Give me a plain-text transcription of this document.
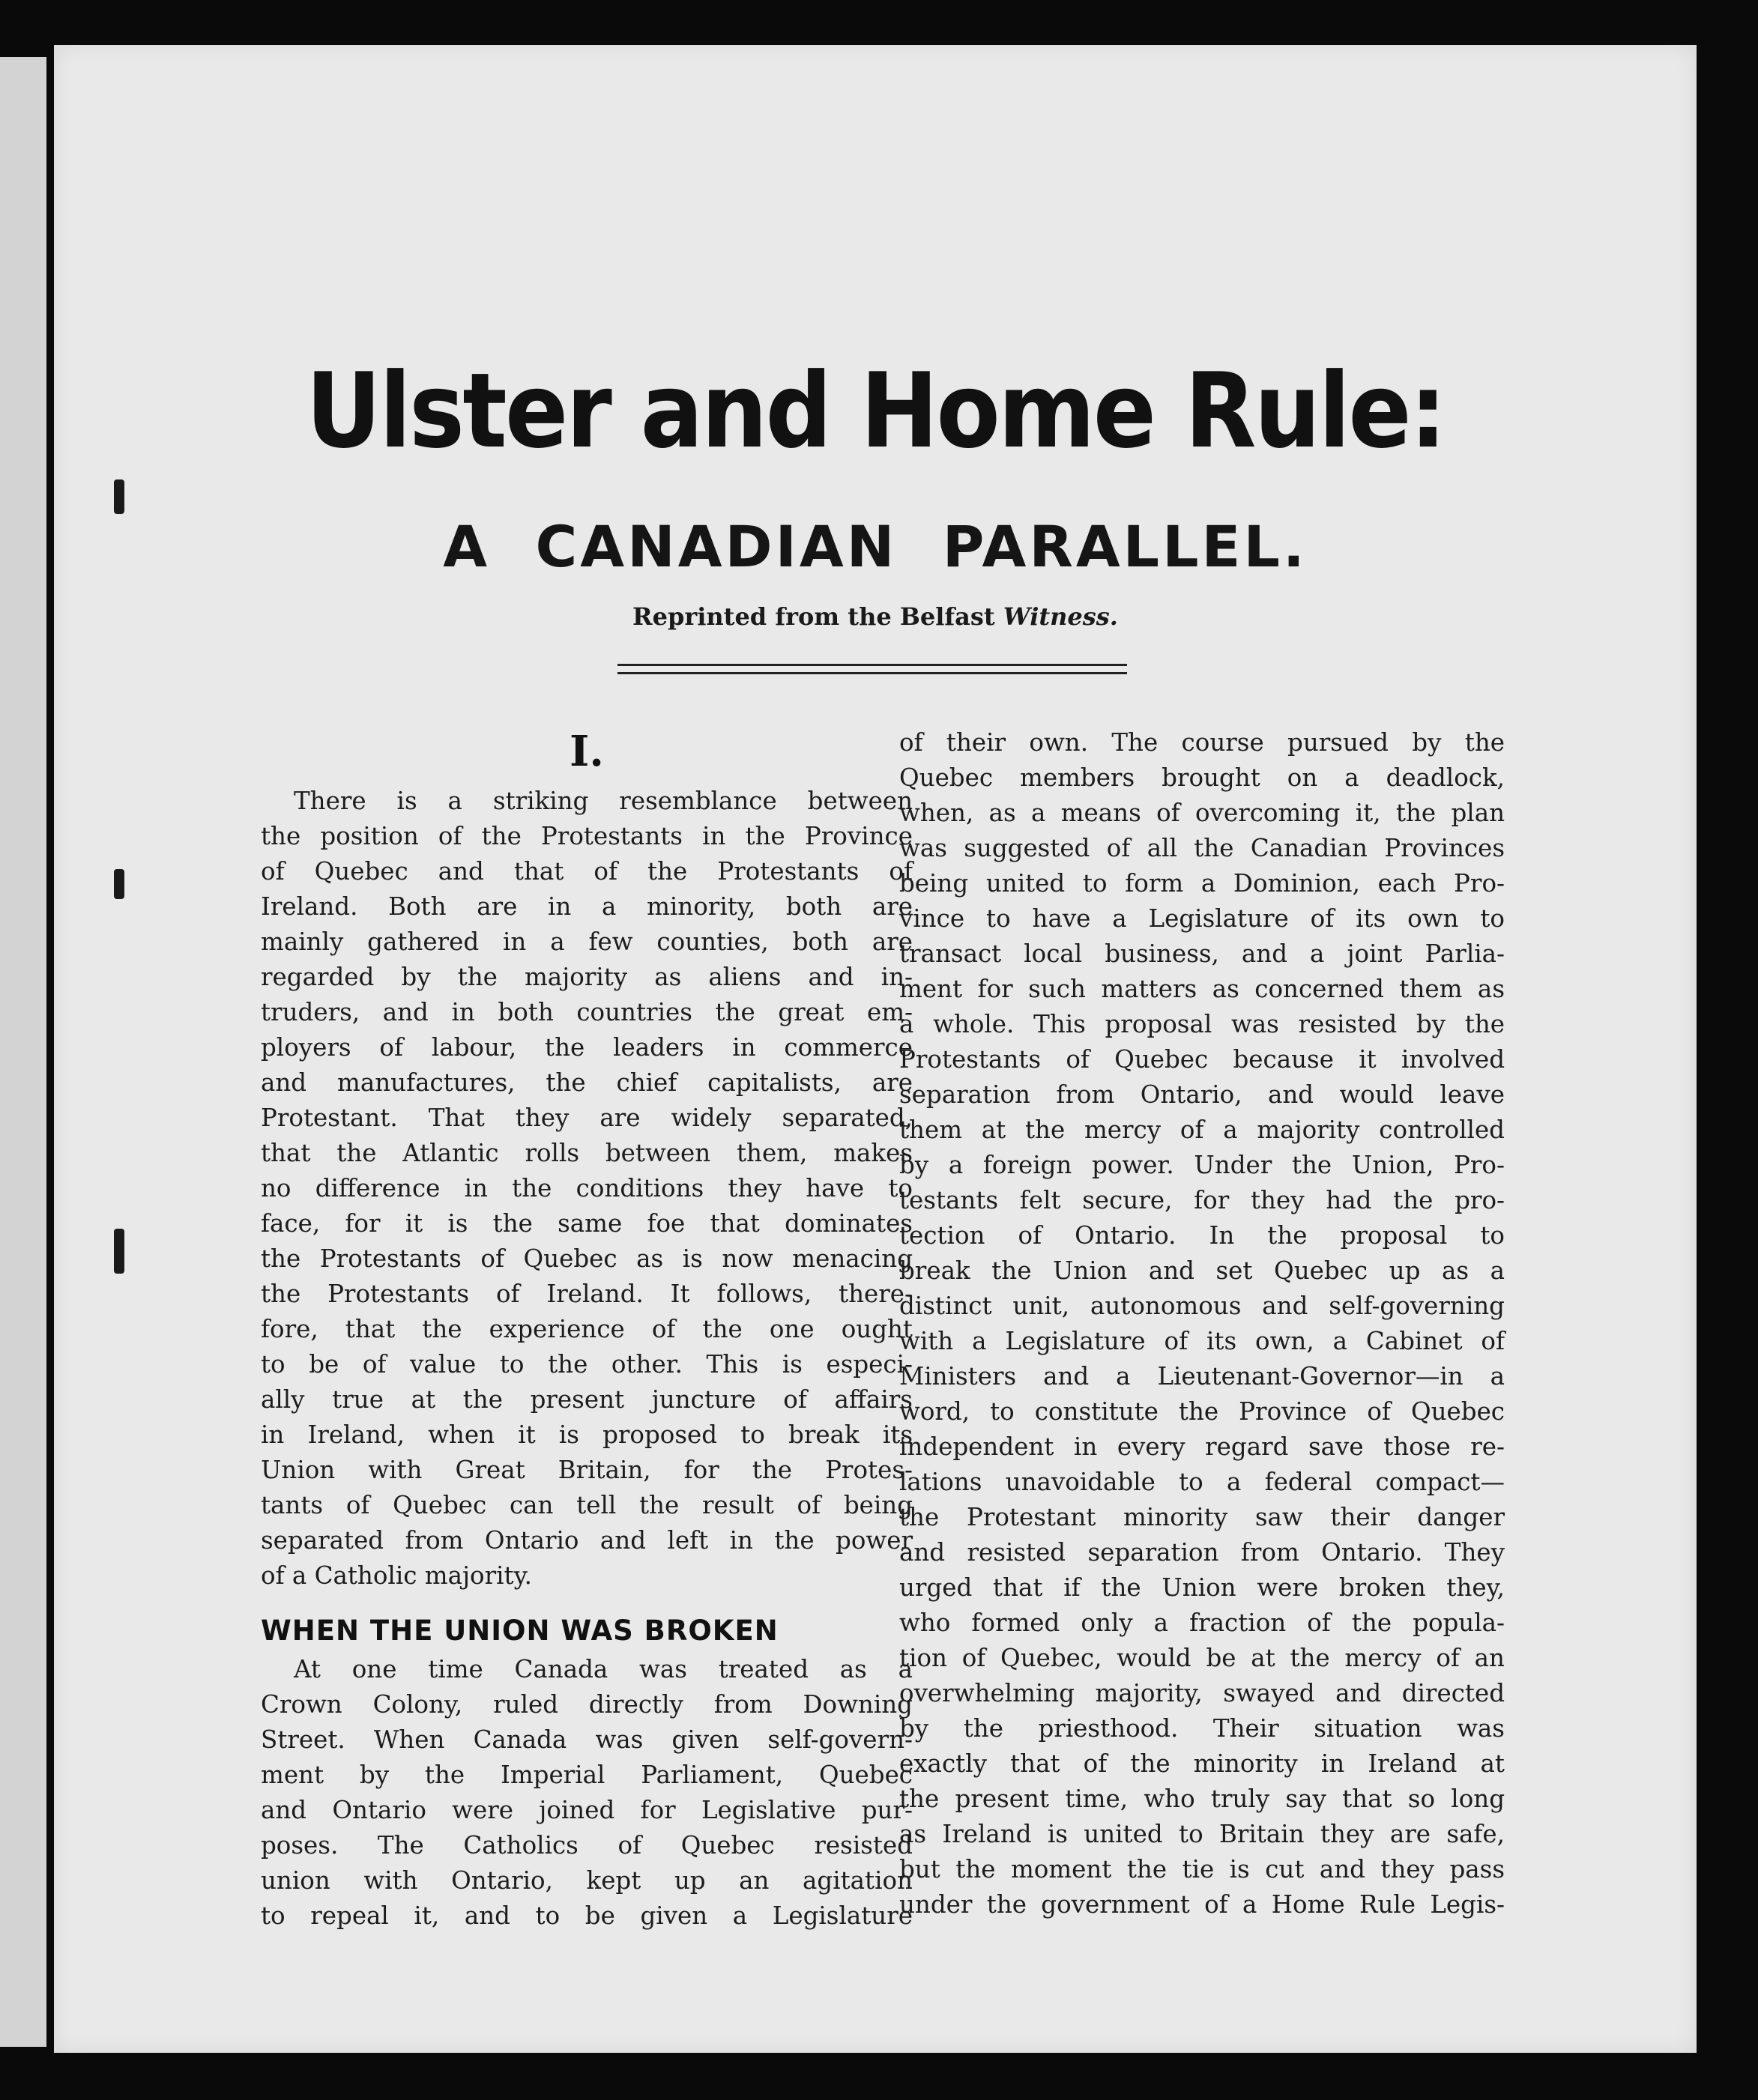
Ulster and Home Rule:
A CANADIAN PARALLEL.
Reprinted from the Belfast Witness.
I.
There is a striking resemblance between
the position of the Protestants in the Province
of Quebec and that of the Protestants of
Ireland. Both are in a minority, both are
mainly gathered in a few counties, both are
regarded by the majority as aliens and in-
truders, and in both countries the great em-
ployers of labour, the leaders in commerce
and manufactures, the chief capitalists, are
Protestant. That they are widely separated,
that the Atlantic rolls between them, makes
no difference in the conditions they have to
face, for it is the same foe that dominates
the Protestants of Quebec as is now menacing
the Protestants of Ireland. It follows, there-
fore, that the experience of the one ought
to be of value to the other. This is especi-
ally true at the present juncture of affairs
in Ireland, when it is proposed to break its
Union with Great Britain, for the Protes-
tants of Quebec can tell the result of being
separated from Ontario and left in the power
of a Catholic majority.
WHEN THE UNION WAS BROKEN
At one time Canada was treated as a
Crown Colony, ruled directly from Downing
Street. When Canada was given self-govern-
ment by the Imperial Parliament, Quebec
and Ontario were joined for Legislative pur-
poses. The Catholics of Quebec resisted
union with Ontario, kept up an agitation
to repeal it, and to be given a Legislature
of their own. The course pursued by the
Quebec members brought on a deadlock,
when, as a means of overcoming it, the plan
was suggested of all the Canadian Provinces
being united to form a Dominion, each Pro-
vince to have a Legislature of its own to
transact local business, and a joint Parlia-
ment for such matters as concerned them as
a whole. This proposal was resisted by the
Protestants of Quebec because it involved
separation from Ontario, and would leave
them at the mercy of a majority controlled
by a foreign power. Under the Union, Pro-
testants felt secure, for they had the pro-
tection of Ontario. In the proposal to
break the Union and set Quebec up as a
distinct unit, autonomous and self-governing
with a Legislature of its own, a Cabinet of
Ministers and a Lieutenant-Governor—in a
word, to constitute the Province of Quebec
independent in every regard save those re-
lations unavoidable to a federal compact—
the Protestant minority saw their danger
and resisted separation from Ontario. They
urged that if the Union were broken they,
who formed only a fraction of the popula-
tion of Quebec, would be at the mercy of an
overwhelming majority, swayed and directed
by the priesthood. Their situation was
exactly that of the minority in Ireland at
the present time, who truly say that so long
as Ireland is united to Britain they are safe,
but the moment the tie is cut and they pass
under the government of a Home Rule Legis-
